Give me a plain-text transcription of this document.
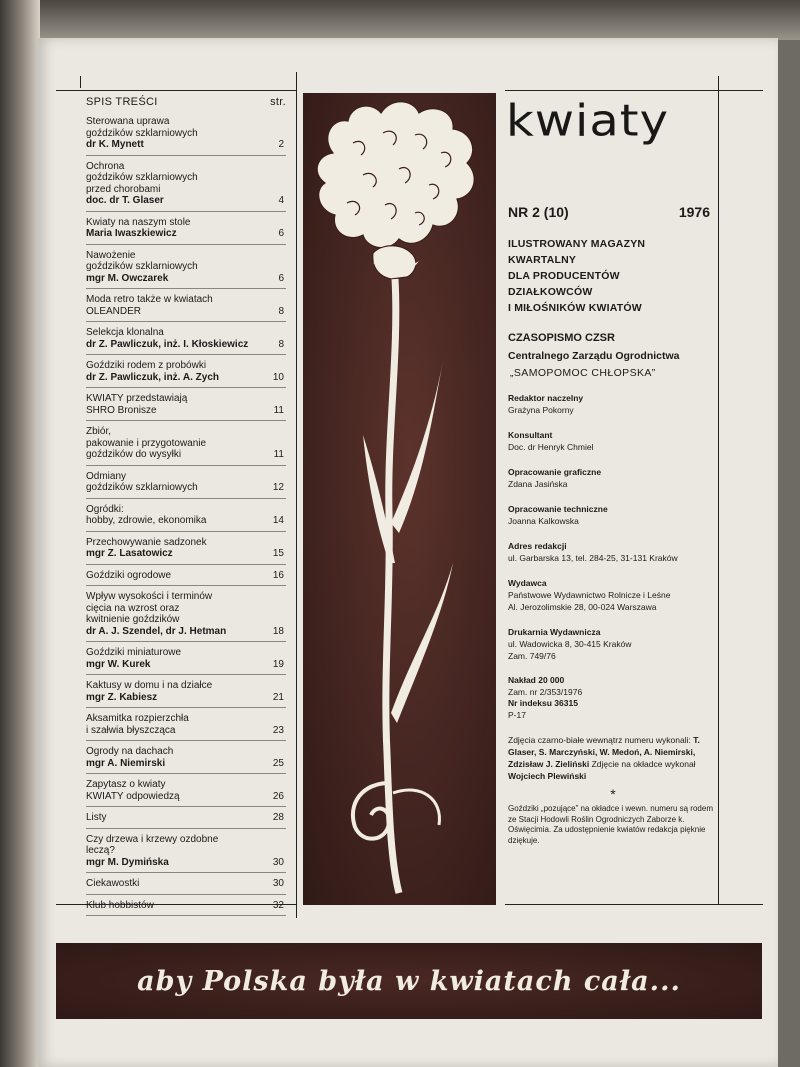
SPIS TREŚCI	str.
Sterowana uprawa
goździków szklarniowych
dr K. Mynett	2
Ochrona
goździków szklarniowych
przed chorobami
doc. dr T. Glaser	4
Kwiaty na naszym stole
Maria Iwaszkiewicz	6
Nawożenie
goździków szklarniowych
mgr M. Owczarek	6
Moda retro także w kwiatach
OLEANDER	8
Selekcja klonalna
dr Z. Pawliczuk, inż. I. Kłoskiewicz	8
Goździki rodem z probówki
dr Z. Pawliczuk, inż. A. Zych	10
KWIATY przedstawiają
SHRO Bronisze	11
Zbiór,
pakowanie i przygotowanie
goździków do wysyłki	11
Odmiany
goździków szklarniowych	12
Ogródki:
hobby, zdrowie, ekonomika	14
Przechowywanie sadzonek
mgr Z. Lasatowicz	15
Goździki ogrodowe	16
Wpływ wysokości i terminów
cięcia na wzrost oraz
kwitnienie goździków
dr A. J. Szendel, dr J. Hetman	18
Goździki miniaturowe
mgr W. Kurek	19
Kaktusy w domu i na działce
mgr Z. Kabiesz	21
Aksamitka rozpierzchła
i szałwia błyszcząca	23
Ogrody na dachach
mgr A. Niemirski	25
Zapytasz o kwiaty
KWIATY odpowiedzą	26
Listy	28
Czy drzewa i krzewy ozdobne
leczą?
mgr M. Dymińska	30
Ciekawostki	30
Klub hobbistów	32
kwiaty
NR 2 (10)	1976
ILUSTROWANY MAGAZYN
KWARTALNY
DLA PRODUCENTÓW
DZIAŁKOWCÓW
I MIŁOŚNIKÓW KWIATÓW
CZASOPISMO CZSR
Centralnego Zarządu Ogrodnictwa
„SAMOPOMOC CHŁOPSKA”
Redaktor naczelny
Grażyna Pokorny
Konsultant
Doc. dr Henryk Chmiel
Opracowanie graficzne
Zdana Jasińska
Opracowanie techniczne
Joanna Kalkowska
Adres redakcji
ul. Garbarska 13, tel. 284-25, 31-131 Kraków
Wydawca
Państwowe Wydawnictwo Rolnicze i Leśne
Al. Jerozolimskie 28, 00-024 Warszawa
Drukarnia Wydawnicza
ul. Wadowicka 8, 30-415 Kraków
Zam. 749/76
Nakład 20 000
Zam. nr 2/353/1976
Nr indeksu 36315
P-17
Zdjęcia czarno-białe wewnątrz numeru wykonali: T. Glaser, S. Marczyński, W. Medoń, A. Niemirski, Zdzisław J. Zieliński Zdjęcie na okładce wykonał Wojciech Plewiński
*
Goździki „pozujące” na okładce i wewn. numeru są rodem ze Stacji Hodowli Roślin Ogrodniczych Zaborze k. Oświęcimia. Za udostępnienie kwiatów redakcja pięknie dziękuje.
aby Polska była w kwiatach cała...
